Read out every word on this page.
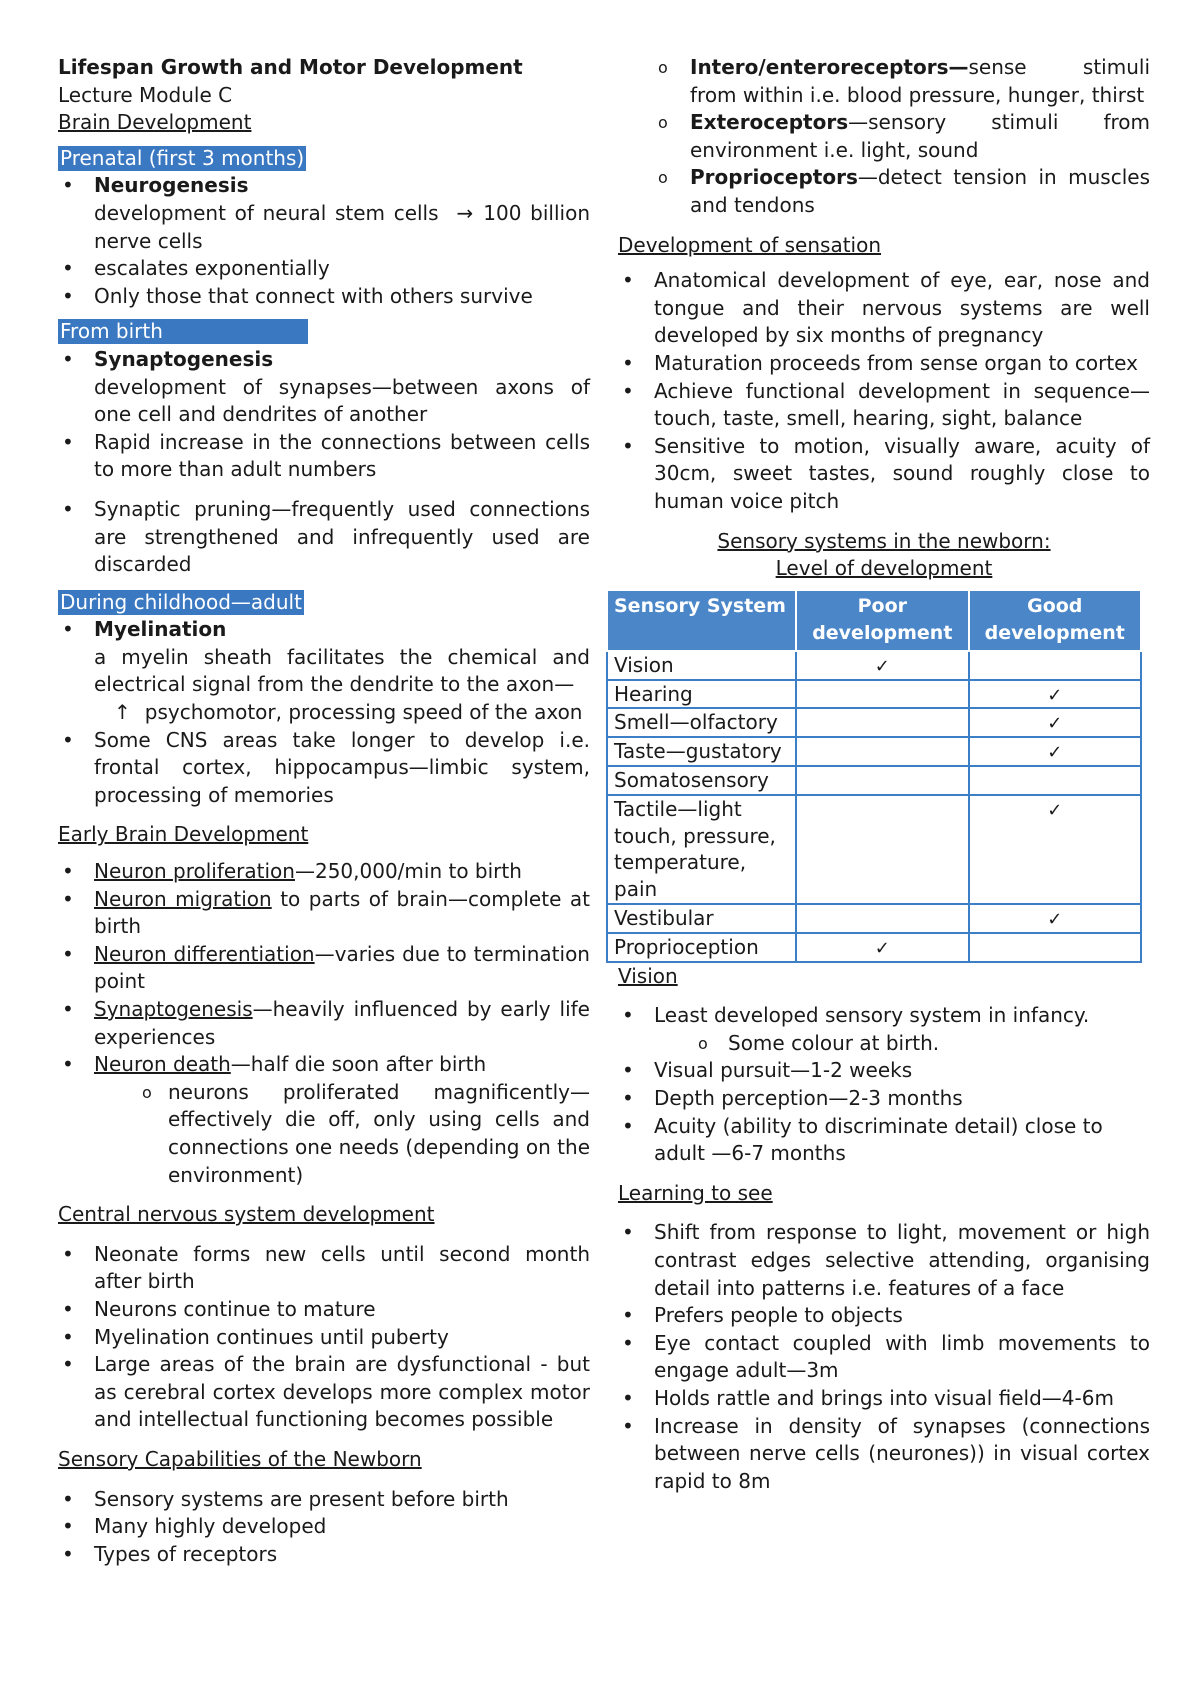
Lifespan Growth and Motor Development

Lecture Module C

Brain Development

Prenatal (first 3 months)

• Neurogenesis
development of neural stem cells → 100 billion nerve cells
• escalates exponentially
• Only those that connect with others survive

From birth

• Synaptogenesis
development of synapses—between axons of one cell and dendrites of another
• Rapid increase in the connections between cells to more than adult numbers
• Synaptic pruning—frequently used connections are strengthened and infrequently used are discarded

During childhood—adult

• Myelination
a myelin sheath facilitates the chemical and electrical signal from the dendrite to the axon—
↑ psychomotor, processing speed of the axon
• Some CNS areas take longer to develop i.e. frontal cortex, hippocampus—limbic system, processing of memories

Early Brain Development

• Neuron proliferation—250,000/min to birth
• Neuron migration to parts of brain—complete at birth
• Neuron differentiation—varies due to termination point
• Synaptogenesis—heavily influenced by early life experiences
• Neuron death—half die soon after birth
o neurons proliferated magnificently—effectively die off, only using cells and connections one needs (depending on the environment)

Central nervous system development

• Neonate forms new cells until second month after birth
• Neurons continue to mature
• Myelination continues until puberty
• Large areas of the brain are dysfunctional - but as cerebral cortex develops more complex motor and intellectual functioning becomes possible

Sensory Capabilities of the Newborn

• Sensory systems are present before birth
• Many highly developed
• Types of receptors
o Intero/enteroreceptors—sense stimuli from within i.e. blood pressure, hunger, thirst
o Exteroceptors—sensory stimuli from environment i.e. light, sound
o Proprioceptors—detect tension in muscles and tendons

Development of sensation

• Anatomical development of eye, ear, nose and tongue and their nervous systems are well developed by six months of pregnancy
• Maturation proceeds from sense organ to cortex
• Achieve functional development in sequence—touch, taste, smell, hearing, sight, balance
• Sensitive to motion, visually aware, acuity of 30cm, sweet tastes, sound roughly close to human voice pitch

Sensory systems in the newborn:

Level of development

Sensory System	Poor development	Good development
Vision	✓	
Hearing		✓
Smell—olfactory		✓
Taste—gustatory		✓
Somatosensory		
Tactile—light touch, pressure, temperature, pain		✓
Vestibular		✓
Proprioception	✓	

Vision

• Least developed sensory system in infancy.
o Some colour at birth.
• Visual pursuit—1-2 weeks
• Depth perception—2-3 months
• Acuity (ability to discriminate detail) close to adult —6-7 months

Learning to see

• Shift from response to light, movement or high contrast edges selective attending, organising detail into patterns i.e. features of a face
• Prefers people to objects
• Eye contact coupled with limb movements to engage adult—3m
• Holds rattle and brings into visual field—4-6m
• Increase in density of synapses (connections between nerve cells (neurones)) in visual cortex rapid to 8m
